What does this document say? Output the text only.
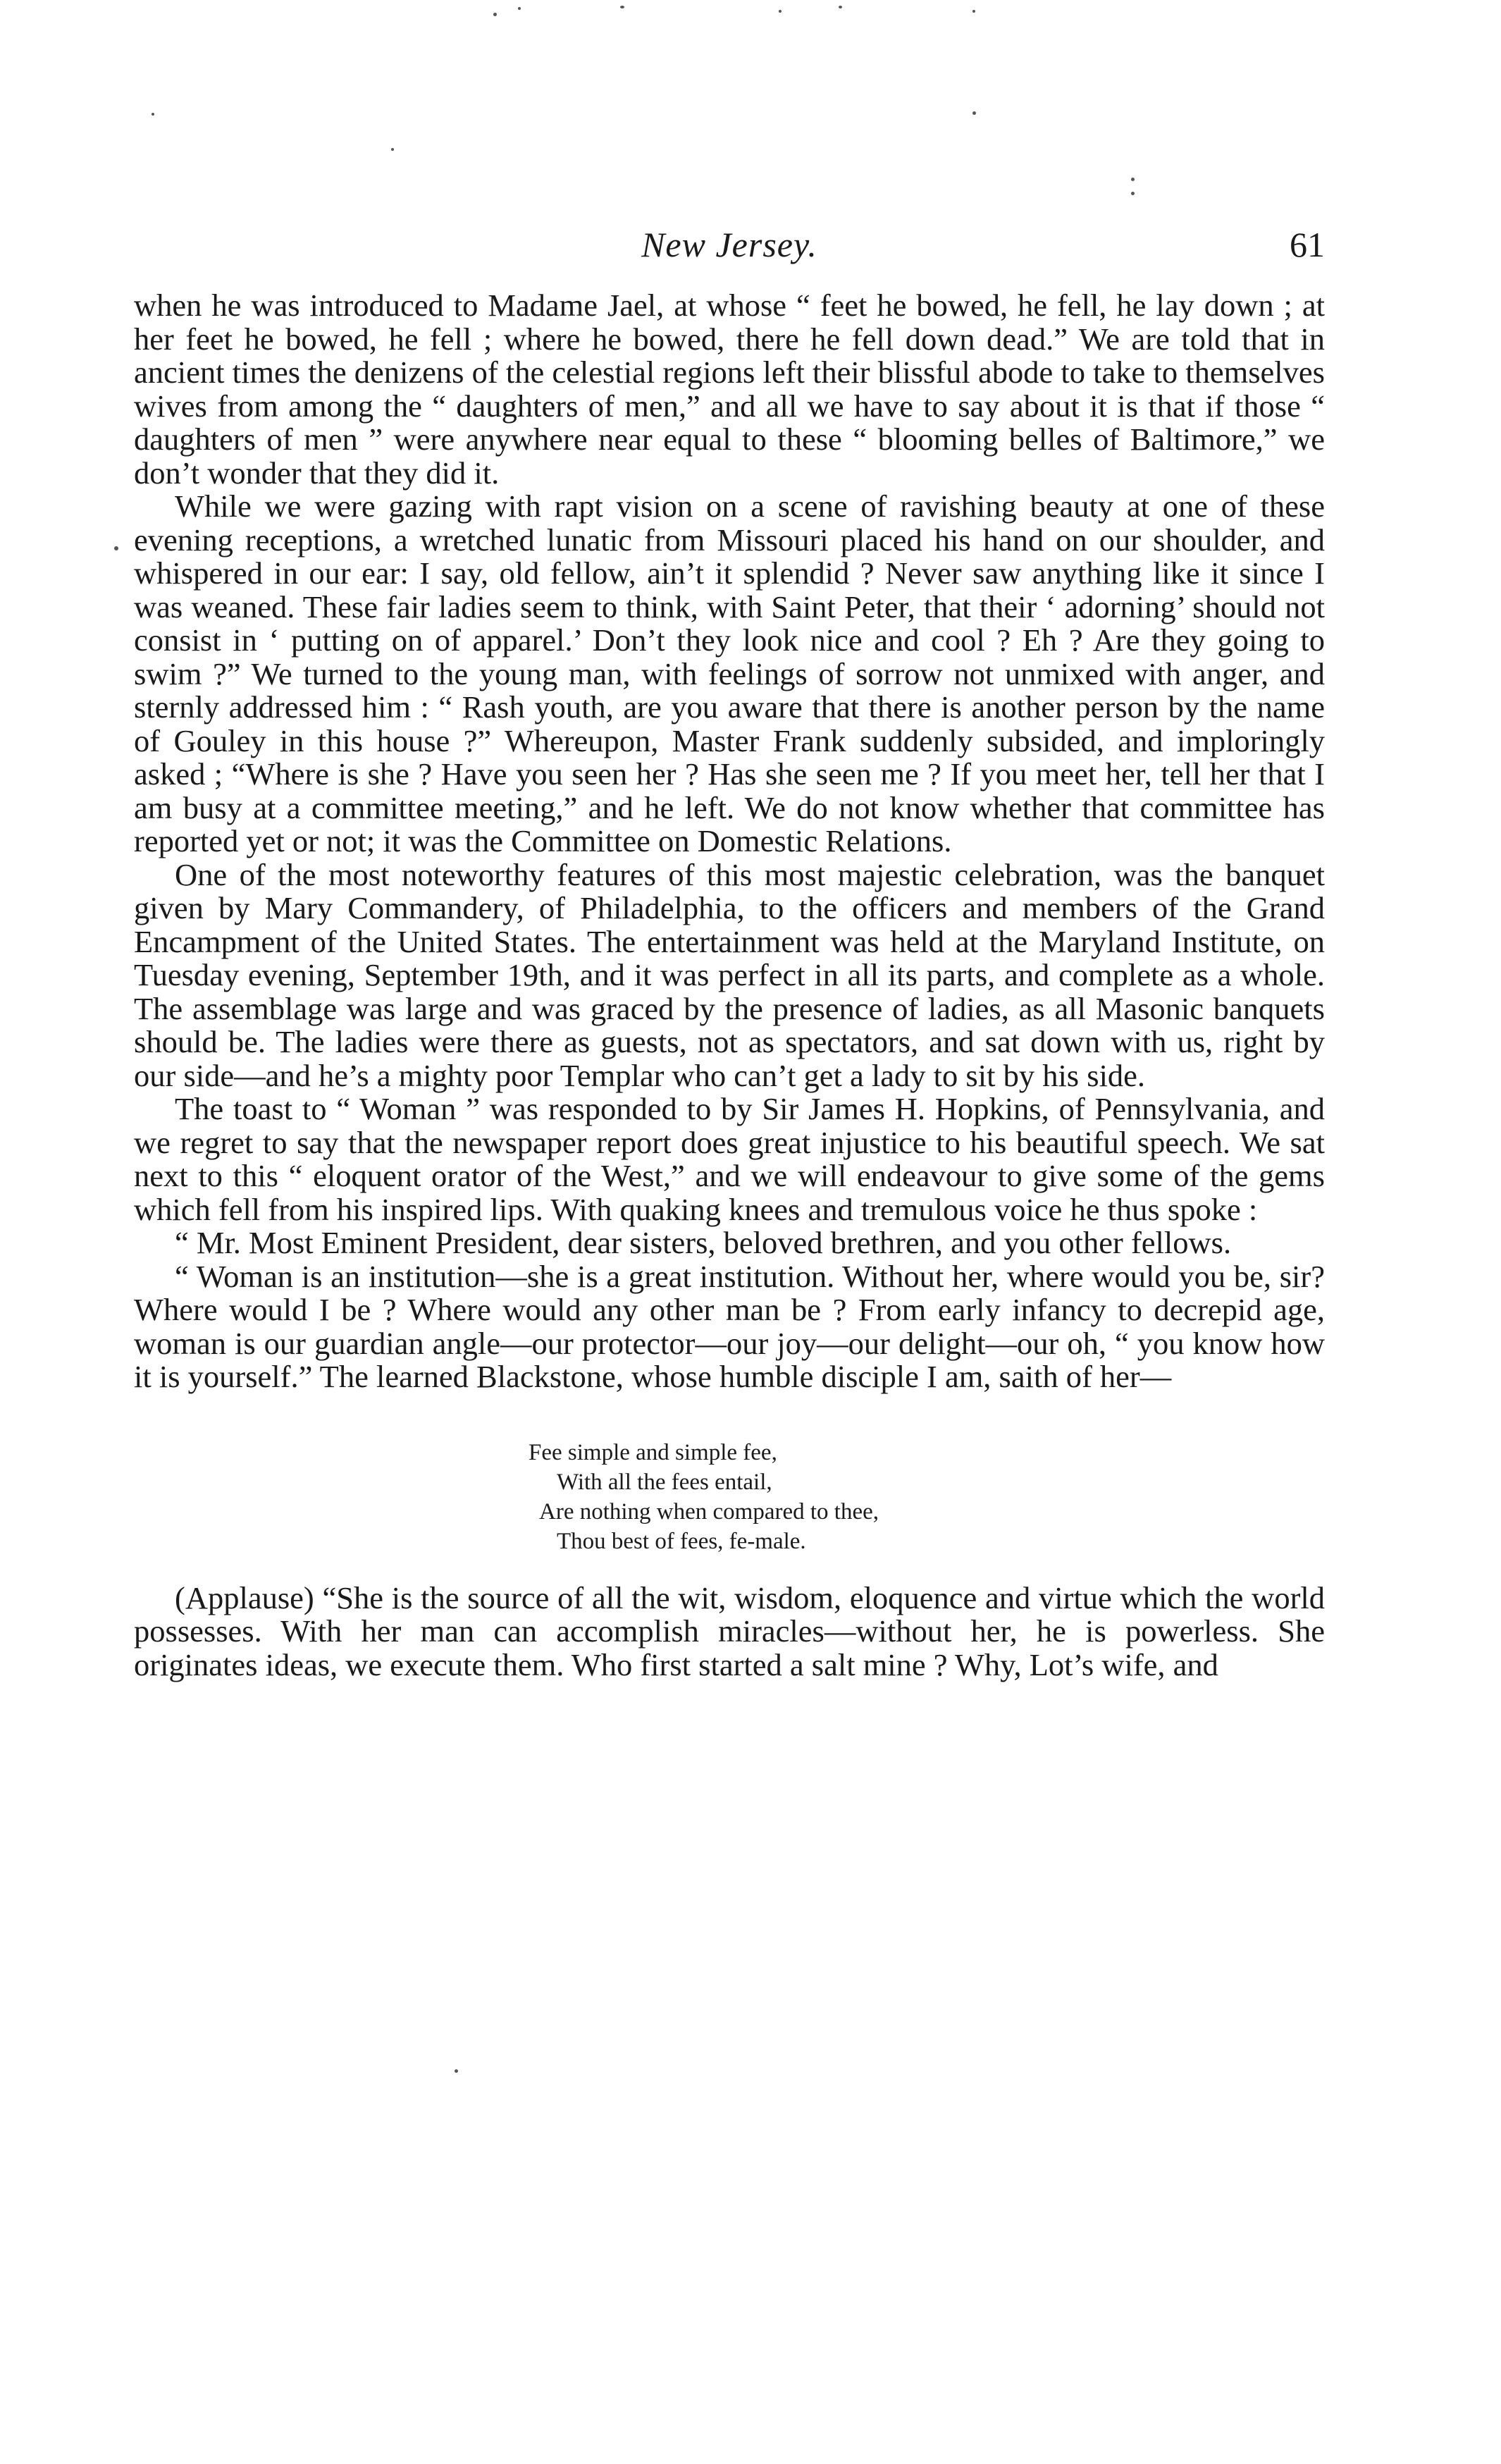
New Jersey.	61

when he was introduced to Madame Jael, at whose “ feet he bowed, he fell, he lay down ; at her feet he bowed, he fell ; where he bowed, there he fell down dead.” We are told that in ancient times the denizens of the celestial regions left their blissful abode to take to themselves wives from among the “ daughters of men,” and all we have to say about it is that if those “ daughters of men ” were anywhere near equal to these “ blooming belles of Baltimore,” we don’t wonder that they did it.

While we were gazing with rapt vision on a scene of ravishing beauty at one of these evening receptions, a wretched lunatic from Missouri placed his hand on our shoulder, and whispered in our ear: I say, old fellow, ain’t it splendid ? Never saw anything like it since I was weaned. These fair ladies seem to think, with Saint Peter, that their ‘ adorning’ should not consist in ‘ putting on of apparel.’ Don’t they look nice and cool ? Eh ? Are they going to swim ?” We turned to the young man, with feelings of sorrow not unmixed with anger, and sternly addressed him : “ Rash youth, are you aware that there is another person by the name of Gouley in this house ?” Whereupon, Master Frank suddenly subsided, and imploringly asked ; “Where is she ? Have you seen her ? Has she seen me ? If you meet her, tell her that I am busy at a committee meeting,” and he left. We do not know whether that committee has reported yet or not; it was the Committee on Domestic Relations.

One of the most noteworthy features of this most majestic celebration, was the banquet given by Mary Commandery, of Philadelphia, to the officers and members of the Grand Encampment of the United States. The entertainment was held at the Maryland Institute, on Tuesday evening, September 19th, and it was perfect in all its parts, and complete as a whole. The assemblage was large and was graced by the presence of ladies, as all Masonic banquets should be. The ladies were there as guests, not as spectators, and sat down with us, right by our side—and he’s a mighty poor Templar who can’t get a lady to sit by his side.

The toast to “ Woman ” was responded to by Sir James H. Hopkins, of Pennsylvania, and we regret to say that the newspaper report does great injustice to his beautiful speech. We sat next to this “ eloquent orator of the West,” and we will endeavour to give some of the gems which fell from his inspired lips. With quaking knees and tremulous voice he thus spoke :

“ Mr. Most Eminent President, dear sisters, beloved brethren, and you other fellows.

“ Woman is an institution—she is a great institution. Without her, where would you be, sir? Where would I be ? Where would any other man be ? From early infancy to decrepid age, woman is our guardian angle—our protector—our joy—our delight—our oh, “ you know how it is yourself.” The learned Blackstone, whose humble disciple I am, saith of her—

Fee simple and simple fee,
With all the fees entail,
Are nothing when compared to thee,
Thou best of fees, fe-male.

(Applause) “She is the source of all the wit, wisdom, eloquence and virtue which the world possesses. With her man can accomplish miracles—without her, he is powerless. She originates ideas, we execute them. Who first started a salt mine ? Why, Lot’s wife, and
